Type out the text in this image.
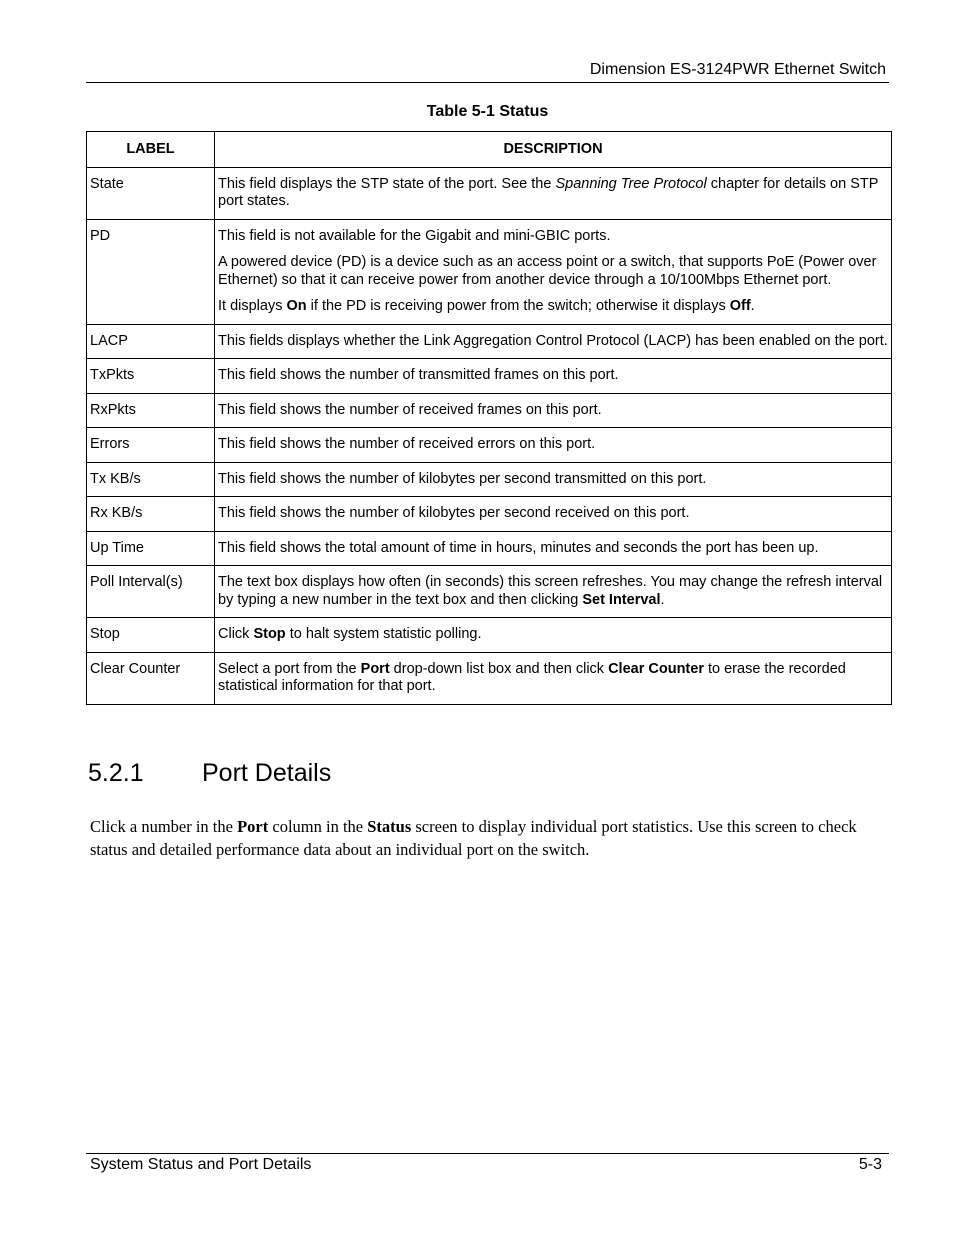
Dimension ES-3124PWR Ethernet Switch
Table 5-1 Status
LABEL	DESCRIPTION
State	This field displays the STP state of the port. See the Spanning Tree Protocol chapter for details on STP port states.

PD	This field is not available for the Gigabit and mini-GBIC ports.

A powered device (PD) is a device such as an access point or a switch, that supports PoE (Power over Ethernet) so that it can receive power from another device through a 10/100Mbps Ethernet port.

It displays On if the PD is receiving power from the switch; otherwise it displays Off.

LACP	This fields displays whether the Link Aggregation Control Protocol (LACP) has been enabled on the port.

TxPkts	This field shows the number of transmitted frames on this port.

RxPkts	This field shows the number of received frames on this port.

Errors	This field shows the number of received errors on this port.

Tx KB/s	This field shows the number of kilobytes per second transmitted on this port.

Rx KB/s	This field shows the number of kilobytes per second received on this port.

Up Time	This field shows the total amount of time in hours, minutes and seconds the port has been up.

Poll Interval(s)	The text box displays how often (in seconds) this screen refreshes. You may change the refresh interval by typing a new number in the text box and then clicking Set Interval.

Stop	Click Stop to halt system statistic polling.

Clear Counter	Select a port from the Port drop-down list box and then click Clear Counter to erase the recorded statistical information for that port.

5.2.1 Port Details
Click a number in the Port column in the Status screen to display individual port statistics. Use this screen to check status and detailed performance data about an individual port on the switch.
System Status and Port Details	5-3
